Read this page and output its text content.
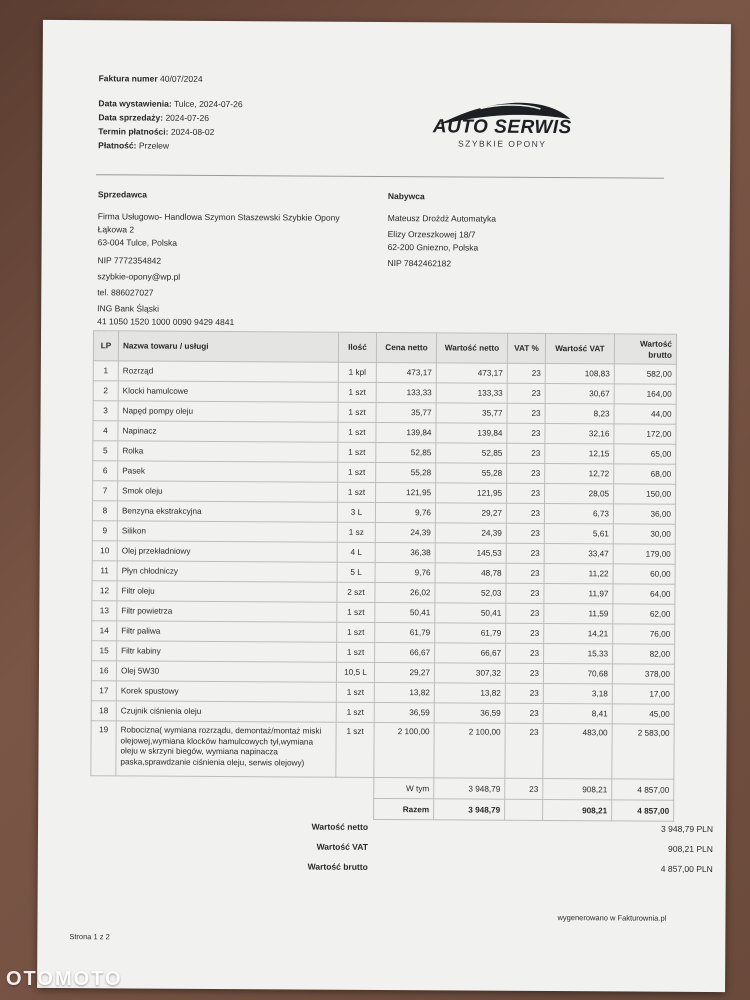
Faktura numer 40/07/2024
Data wystawienia: Tulce, 2024-07-26
Data sprzedaży: 2024-07-26
Termin płatności: 2024-08-02
Płatność: Przelew
AUTO SERWIS
SZYBKIE OPONY
Sprzedawca
Firma Usługowo- Handlowa Szymon Staszewski Szybkie Opony
Łąkowa 2
63-004 Tulce, Polska
NIP 7772354842
szybkie-opony@wp.pl
tel. 886027027
ING Bank Śląski
41 1050 1520 1000 0090 9429 4841
Nabywca
Mateusz Drożdż Automatyka
Elizy Orzeszkowej 18/7
62-200 Gniezno, Polska
NIP 7842462182
LP	Nazwa towaru / usługi	Ilość	Cena netto	Wartość netto	VAT %	Wartość VAT	Wartość
brutto
1	Rozrząd	1 kpl	473,17	473,17	23	108,83	582,00
2	Klocki hamulcowe	1 szt	133,33	133,33	23	30,67	164,00
3	Napęd pompy oleju	1 szt	35,77	35,77	23	8,23	44,00
4	Napinacz	1 szt	139,84	139,84	23	32,16	172,00
5	Rolka	1 szt	52,85	52,85	23	12,15	65,00
6	Pasek	1 szt	55,28	55,28	23	12,72	68,00
7	Smok oleju	1 szt	121,95	121,95	23	28,05	150,00
8	Benzyna ekstrakcyjna	3 L	9,76	29,27	23	6,73	36,00
9	Silikon	1 sz	24,39	24,39	23	5,61	30,00
10	Olej przekładniowy	4 L	36,38	145,53	23	33,47	179,00
11	Płyn chłodniczy	5 L	9,76	48,78	23	11,22	60,00
12	Filtr oleju	2 szt	26,02	52,03	23	11,97	64,00
13	Filtr powietrza	1 szt	50,41	50,41	23	11,59	62,00
14	Filtr paliwa	1 szt	61,79	61,79	23	14,21	76,00
15	Filtr kabiny	1 szt	66,67	66,67	23	15,33	82,00
16	Olej 5W30	10,5 L	29,27	307,32	23	70,68	378,00
17	Korek spustowy	1 szt	13,82	13,82	23	3,18	17,00
18	Czujnik ciśnienia oleju	1 szt	36,59	36,59	23	8,41	45,00
19	Robocizna( wymiana rozrządu, demontaż/montaż miski olejowej,wymiana klocków hamulcowych tył,wymiana oleju w skrzyni biegów, wymiana napinacza paska,sprawdzanie ciśnienia oleju, serwis olejowy)	1 szt	2 100,00	2 100,00	23	483,00	2 583,00
			W tym	3 948,79	23	908,21	4 857,00
			Razem	3 948,79		908,21	4 857,00
Wartość netto	3 948,79 PLN
Wartość VAT	908,21 PLN
Wartość brutto	4 857,00 PLN
Strona 1 z 2
wygenerowano w Fakturownia.pl
OTOMOTO
